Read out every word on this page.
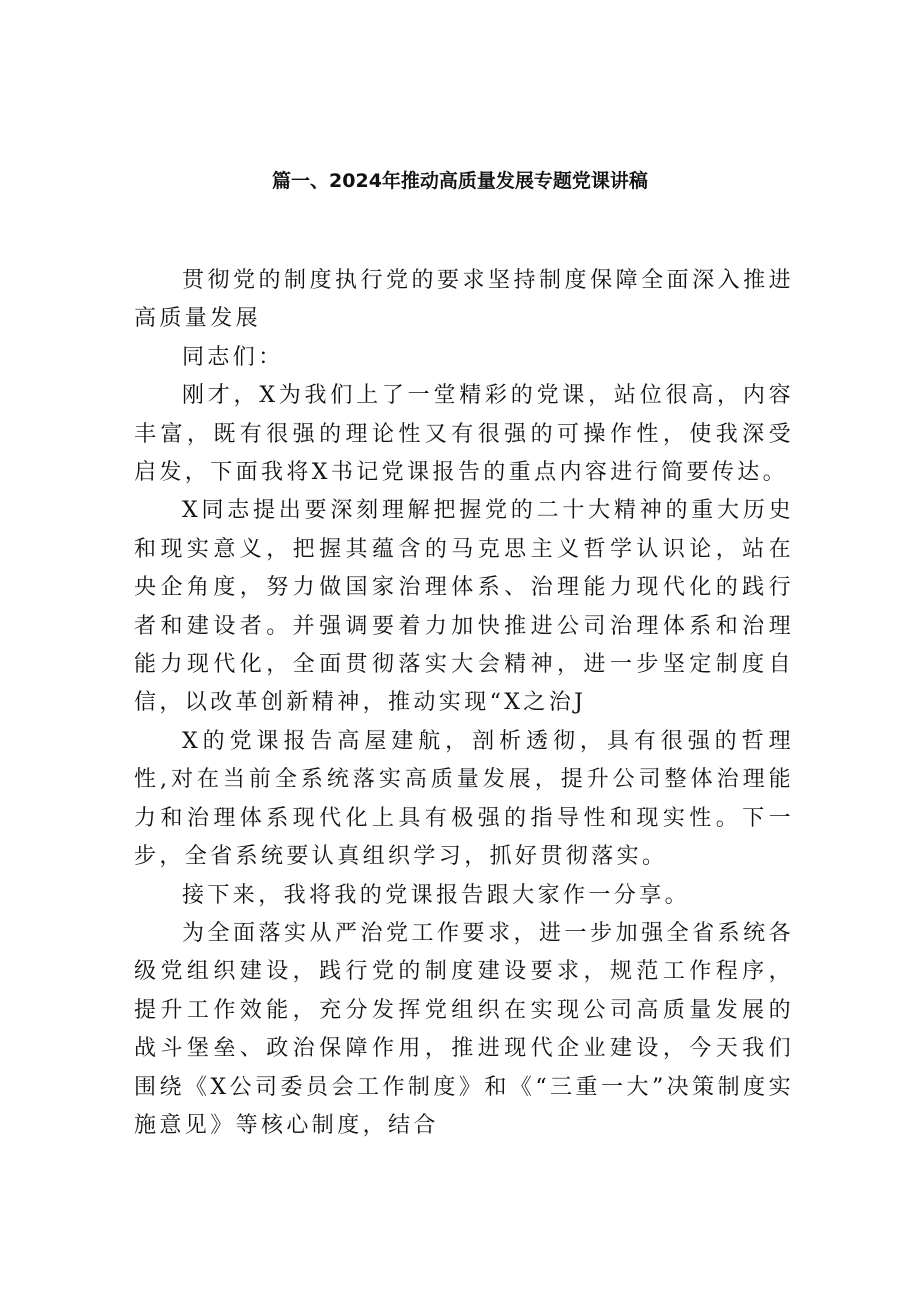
篇一、2024年推动高质量发展专题党课讲稿

贯彻党的制度执行党的要求坚持制度保障全面深入推进高质量发展

同志们：

刚才，X为我们上了一堂精彩的党课，站位很高，内容丰富，既有很强的理论性又有很强的可操作性，使我深受启发，下面我将X书记党课报告的重点内容进行简要传达。

X同志提出要深刻理解把握党的二十大精神的重大历史和现实意义，把握其蕴含的马克思主义哲学认识论，站在央企角度，努力做国家治理体系、治理能力现代化的践行者和建设者。并强调要着力加快推进公司治理体系和治理能力现代化，全面贯彻落实大会精神，进一步坚定制度自信，以改革创新精神，推动实现“X之治J

X的党课报告高屋建航，剖析透彻，具有很强的哲理性,对在当前全系统落实高质量发展，提升公司整体治理能力和治理体系现代化上具有极强的指导性和现实性。下一步，全省系统要认真组织学习，抓好贯彻落实。

接下来，我将我的党课报告跟大家作一分享。

为全面落实从严治党工作要求，进一步加强全省系统各级党组织建设，践行党的制度建设要求，规范工作程序，提升工作效能，充分发挥党组织在实现公司高质量发展的战斗堡垒、政治保障作用，推进现代企业建设，今天我们围绕《X公司委员会工作制度》和《“三重一大”决策制度实施意见》等核心制度，结合
